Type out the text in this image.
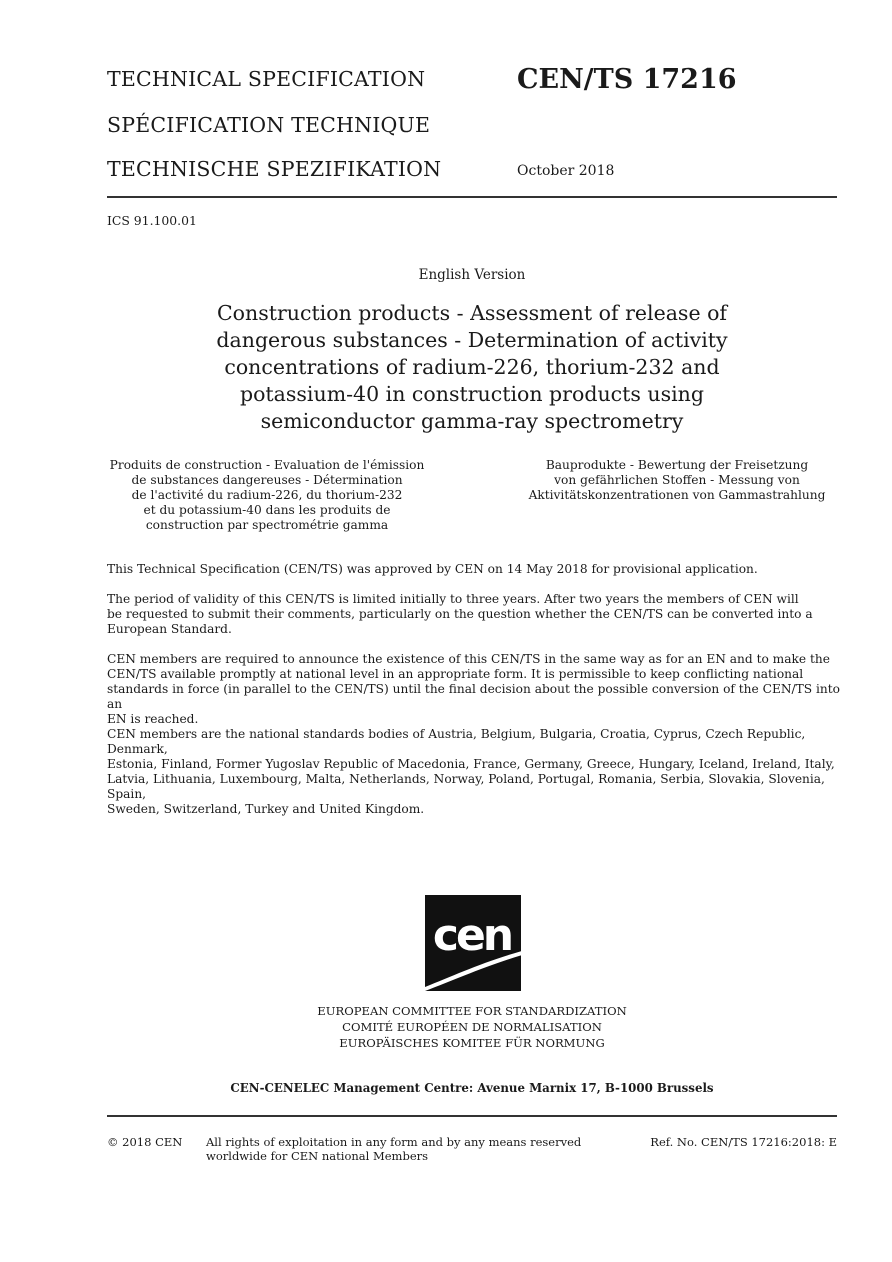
TECHNICAL SPECIFICATION
SPÉCIFICATION TECHNIQUE
TECHNISCHE SPEZIFIKATION
CEN/TS 17216
October 2018
ICS 91.100.01
English Version
Construction products - Assessment of release of
dangerous substances - Determination of activity
concentrations of radium-226, thorium-232 and
potassium-40 in construction products using
semiconductor gamma-ray spectrometry
Produits de construction - Evaluation de l'émission
de substances dangereuses - Détermination
de l'activité du radium-226, du thorium-232
et du potassium-40 dans les produits de
construction par spectrométrie gamma
Bauprodukte - Bewertung der Freisetzung
von gefährlichen Stoffen - Messung von
Aktivitätskonzentrationen von Gammastrahlung
This Technical Specification (CEN/TS) was approved by CEN on 14 May 2018 for provisional application.
The period of validity of this CEN/TS is limited initially to three years. After two years the members of CEN will
be requested to submit their comments, particularly on the question whether the CEN/TS can be converted into a
European Standard.
CEN members are required to announce the existence of this CEN/TS in the same way as for an EN and to make the
CEN/TS available promptly at national level in an appropriate form. It is permissible to keep conflicting national
standards in force (in parallel to the CEN/TS) until the final decision about the possible conversion of the CEN/TS into an
EN is reached.
CEN members are the national standards bodies of Austria, Belgium, Bulgaria, Croatia, Cyprus, Czech Republic, Denmark,
Estonia, Finland, Former Yugoslav Republic of Macedonia, France, Germany, Greece, Hungary, Iceland, Ireland, Italy,
Latvia, Lithuania, Luxembourg, Malta, Netherlands, Norway, Poland, Portugal, Romania, Serbia, Slovakia, Slovenia, Spain,
Sweden, Switzerland, Turkey and United Kingdom.
cen
EUROPEAN COMMITTEE FOR STANDARDIZATION
COMITÉ EUROPÉEN DE NORMALISATION
EUROPÄISCHES KOMITEE FÜR NORMUNG
CEN-CENELEC Management Centre: Avenue Marnix 17, B-1000 Brussels
© 2018 CEN All rights of exploitation in any form and by any means reserved
worldwide for CEN national Members
Ref. No. CEN/TS 17216:2018: E
